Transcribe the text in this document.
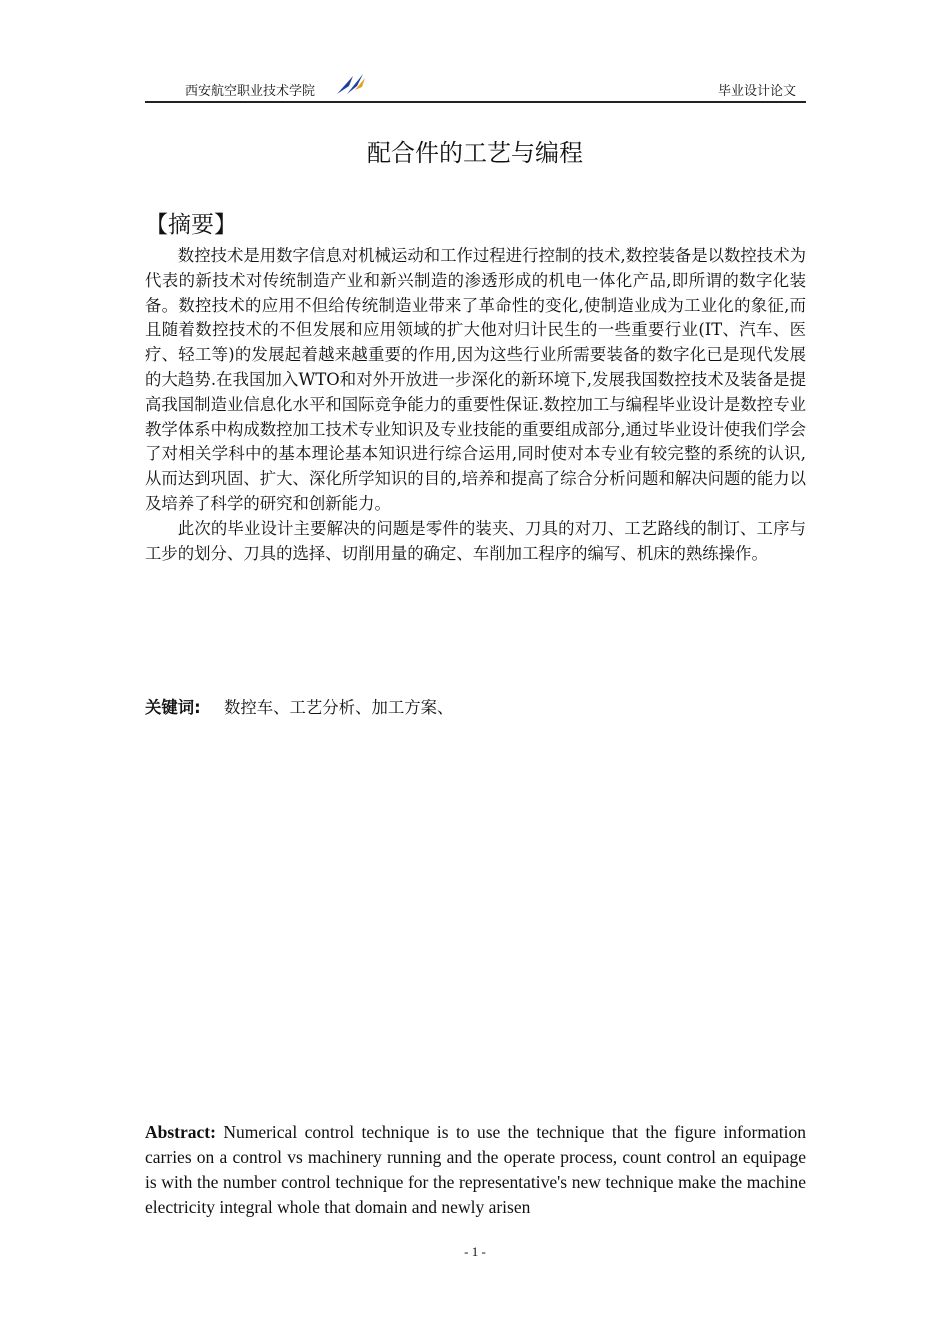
西安航空职业技术学院	毕业设计论文
配合件的工艺与编程
【摘要】

数控技术是用数字信息对机械运动和工作过程进行控制的技术,数控装备是以数控技术为代表的新技术对传统制造产业和新兴制造的渗透形成的机电一体化产品,即所谓的数字化装备。数控技术的应用不但给传统制造业带来了革命性的变化,使制造业成为工业化的象征,而且随着数控技术的不但发展和应用领域的扩大他对归计民生的一些重要行业(IT、汽车、医疗、轻工等)的发展起着越来越重要的作用,因为这些行业所需要装备的数字化已是现代发展的大趋势.在我国加入WTO和对外开放进一步深化的新环境下,发展我国数控技术及装备是提高我国制造业信息化水平和国际竞争能力的重要性保证.数控加工与编程毕业设计是数控专业教学体系中构成数控加工技术专业知识及专业技能的重要组成部分,通过毕业设计使我们学会了对相关学科中的基本理论基本知识进行综合运用,同时使对本专业有较完整的系统的认识,从而达到巩固、扩大、深化所学知识的目的,培养和提高了综合分析问题和解决问题的能力以及培养了科学的研究和创新能力。

此次的毕业设计主要解决的问题是零件的装夹、刀具的对刀、工艺路线的制订、工序与工步的划分、刀具的选择、切削用量的确定、车削加工程序的编写、机床的熟练操作。

关键词: 数控车、工艺分析、加工方案、
Abstract: Numerical control technique is to use the technique that the figure information carries on a control vs machinery running and the operate process, count control an equipage is with the number control technique for the representative's new technique make the machine electricity integral whole that domain and newly arisen
- 1 -
